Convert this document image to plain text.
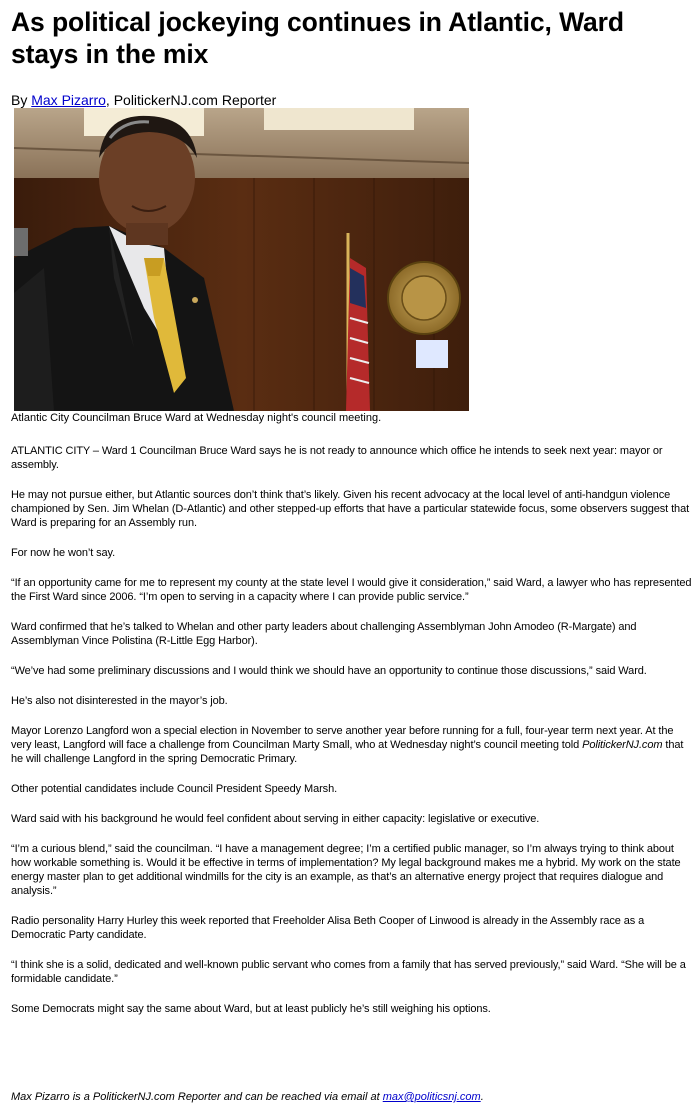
As political jockeying continues in Atlantic, Ward stays in the mix
By Max Pizarro, PolitickerNJ.com Reporter
Atlantic City Councilman Bruce Ward at Wednesday night's council meeting.

ATLANTIC CITY – Ward 1 Councilman Bruce Ward says he is not ready to announce which office he intends to seek next year: mayor or assembly.

He may not pursue either, but Atlantic sources don’t think that’s likely. Given his recent advocacy at the local level of anti-handgun violence championed by Sen. Jim Whelan (D-Atlantic) and other stepped-up efforts that have a particular statewide focus, some observers suggest that Ward is preparing for an Assembly run.

For now he won’t say.

“If an opportunity came for me to represent my county at the state level I would give it consideration,” said Ward, a lawyer who has represented the First Ward since 2006. “I’m open to serving in a capacity where I can provide public service.”

Ward confirmed that he’s talked to Whelan and other party leaders about challenging Assemblyman John Amodeo (R-Margate) and Assemblyman Vince Polistina (R-Little Egg Harbor).

“We’ve had some preliminary discussions and I would think we should have an opportunity to continue those discussions,” said Ward.

He’s also not disinterested in the mayor’s job.

Mayor Lorenzo Langford won a special election in November to serve another year before running for a full, four-year term next year. At the very least, Langford will face a challenge from Councilman Marty Small, who at Wednesday night’s council meeting told PolitickerNJ.com that he will challenge Langford in the spring Democratic Primary.

Other potential candidates include Council President Speedy Marsh.

Ward said with his background he would feel confident about serving in either capacity: legislative or executive.

“I’m a curious blend,” said the councilman. “I have a management degree; I’m a certified public manager, so I’m always trying to think about how workable something is. Would it be effective in terms of implementation? My legal background makes me a hybrid. My work on the state energy master plan to get additional windmills for the city is an example, as that’s an alternative energy project that requires dialogue and analysis.”

Radio personality Harry Hurley this week reported that Freeholder Alisa Beth Cooper of Linwood is already in the Assembly race as a Democratic Party candidate.

“I think she is a solid, dedicated and well-known public servant who comes from a family that has served previously,” said Ward. “She will be a formidable candidate.”

Some Democrats might say the same about Ward, but at least publicly he’s still weighing his options.

Max Pizarro is a PolitickerNJ.com Reporter and can be reached via email at max@politicsnj.com.
